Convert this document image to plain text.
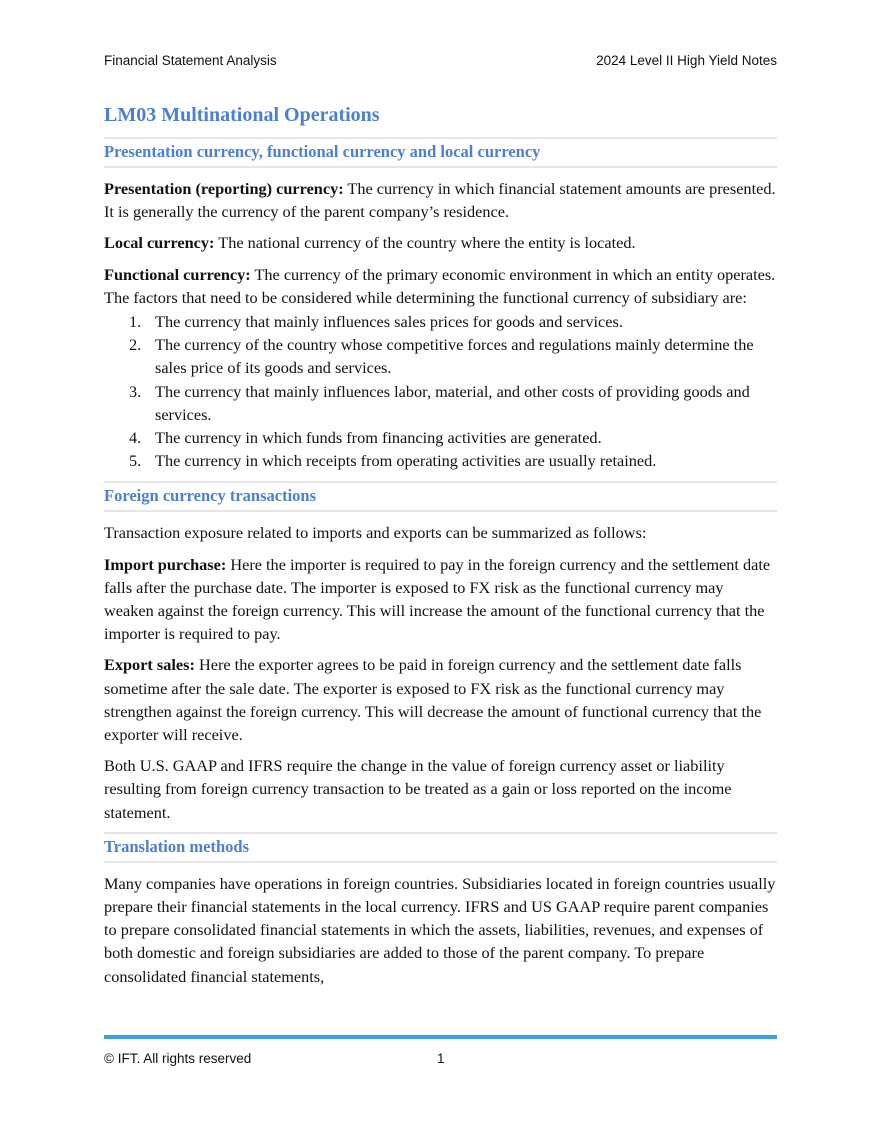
Financial Statement Analysis	2024 Level II High Yield Notes
LM03 Multinational Operations
Presentation currency, functional currency and local currency

Presentation (reporting) currency: The currency in which financial statement amounts are presented. It is generally the currency of the parent company’s residence.

Local currency: The national currency of the country where the entity is located.

Functional currency: The currency of the primary economic environment in which an entity operates. The factors that need to be considered while determining the functional currency of subsidiary are:

1. The currency that mainly influences sales prices for goods and services.
2. The currency of the country whose competitive forces and regulations mainly determine the sales price of its goods and services.
3. The currency that mainly influences labor, material, and other costs of providing goods and services.
4. The currency in which funds from financing activities are generated.
5. The currency in which receipts from operating activities are usually retained.
Foreign currency transactions

Transaction exposure related to imports and exports can be summarized as follows:

Import purchase: Here the importer is required to pay in the foreign currency and the settlement date falls after the purchase date. The importer is exposed to FX risk as the functional currency may weaken against the foreign currency. This will increase the amount of the functional currency that the importer is required to pay.

Export sales: Here the exporter agrees to be paid in foreign currency and the settlement date falls sometime after the sale date. The exporter is exposed to FX risk as the functional currency may strengthen against the foreign currency. This will decrease the amount of functional currency that the exporter will receive.

Both U.S. GAAP and IFRS require the change in the value of foreign currency asset or liability resulting from foreign currency transaction to be treated as a gain or loss reported on the income statement.

Translation methods

Many companies have operations in foreign countries. Subsidiaries located in foreign countries usually prepare their financial statements in the local currency. IFRS and US GAAP require parent companies to prepare consolidated financial statements in which the assets, liabilities, revenues, and expenses of both domestic and foreign subsidiaries are added to those of the parent company. To prepare consolidated financial statements,

© IFT. All rights reserved	1
